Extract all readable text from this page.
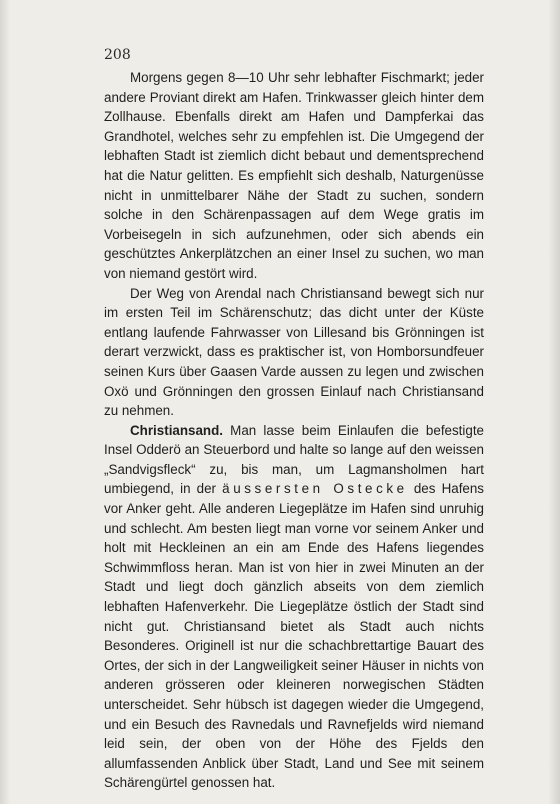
208

Morgens gegen 8—10 Uhr sehr lebhafter Fischmarkt; jeder andere Proviant direkt am Hafen. Trinkwasser gleich hinter dem Zollhause. Ebenfalls direkt am Hafen und Dampferkai das Grandhotel, welches sehr zu empfehlen ist. Die Umgegend der lebhaften Stadt ist ziemlich dicht bebaut und dementsprechend hat die Natur gelitten. Es empfiehlt sich deshalb, Naturgenüsse nicht in unmittelbarer Nähe der Stadt zu suchen, sondern solche in den Schärenpassagen auf dem Wege gratis im Vorbeisegeln in sich aufzunehmen, oder sich abends ein geschütztes Ankerplätzchen an einer Insel zu suchen, wo man von niemand gestört wird.

Der Weg von Arendal nach Christiansand bewegt sich nur im ersten Teil im Schärenschutz; das dicht unter der Küste entlang laufende Fahrwasser von Lillesand bis Grönningen ist derart verzwickt, dass es praktischer ist, von Homborsundfeuer seinen Kurs über Gaasen Varde aussen zu legen und zwischen Oxö und Grönningen den grossen Einlauf nach Christiansand zu nehmen.

Christiansand. Man lasse beim Einlaufen die befestigte Insel Odderö an Steuerbord und halte so lange auf den weissen „Sandvigsfleck“ zu, bis man, um Lagmansholmen hart umbiegend, in der äussersten Ostecke des Hafens vor Anker geht. Alle anderen Liegeplätze im Hafen sind unruhig und schlecht. Am besten liegt man vorne vor seinem Anker und holt mit Heckleinen an ein am Ende des Hafens liegendes Schwimmfloss heran. Man ist von hier in zwei Minuten an der Stadt und liegt doch gänzlich abseits von dem ziemlich lebhaften Hafenverkehr. Die Liegeplätze östlich der Stadt sind nicht gut. Christiansand bietet als Stadt auch nichts Besonderes. Originell ist nur die schachbrettartige Bauart des Ortes, der sich in der Langweiligkeit seiner Häuser in nichts von anderen grösseren oder kleineren norwegischen Städten unterscheidet. Sehr hübsch ist dagegen wieder die Umgegend, und ein Besuch des Ravnedals und Ravnefjelds wird niemand leid sein, der oben von der Höhe des Fjelds den allumfassenden Anblick über Stadt, Land und See mit seinem Schärengürtel genossen hat.
